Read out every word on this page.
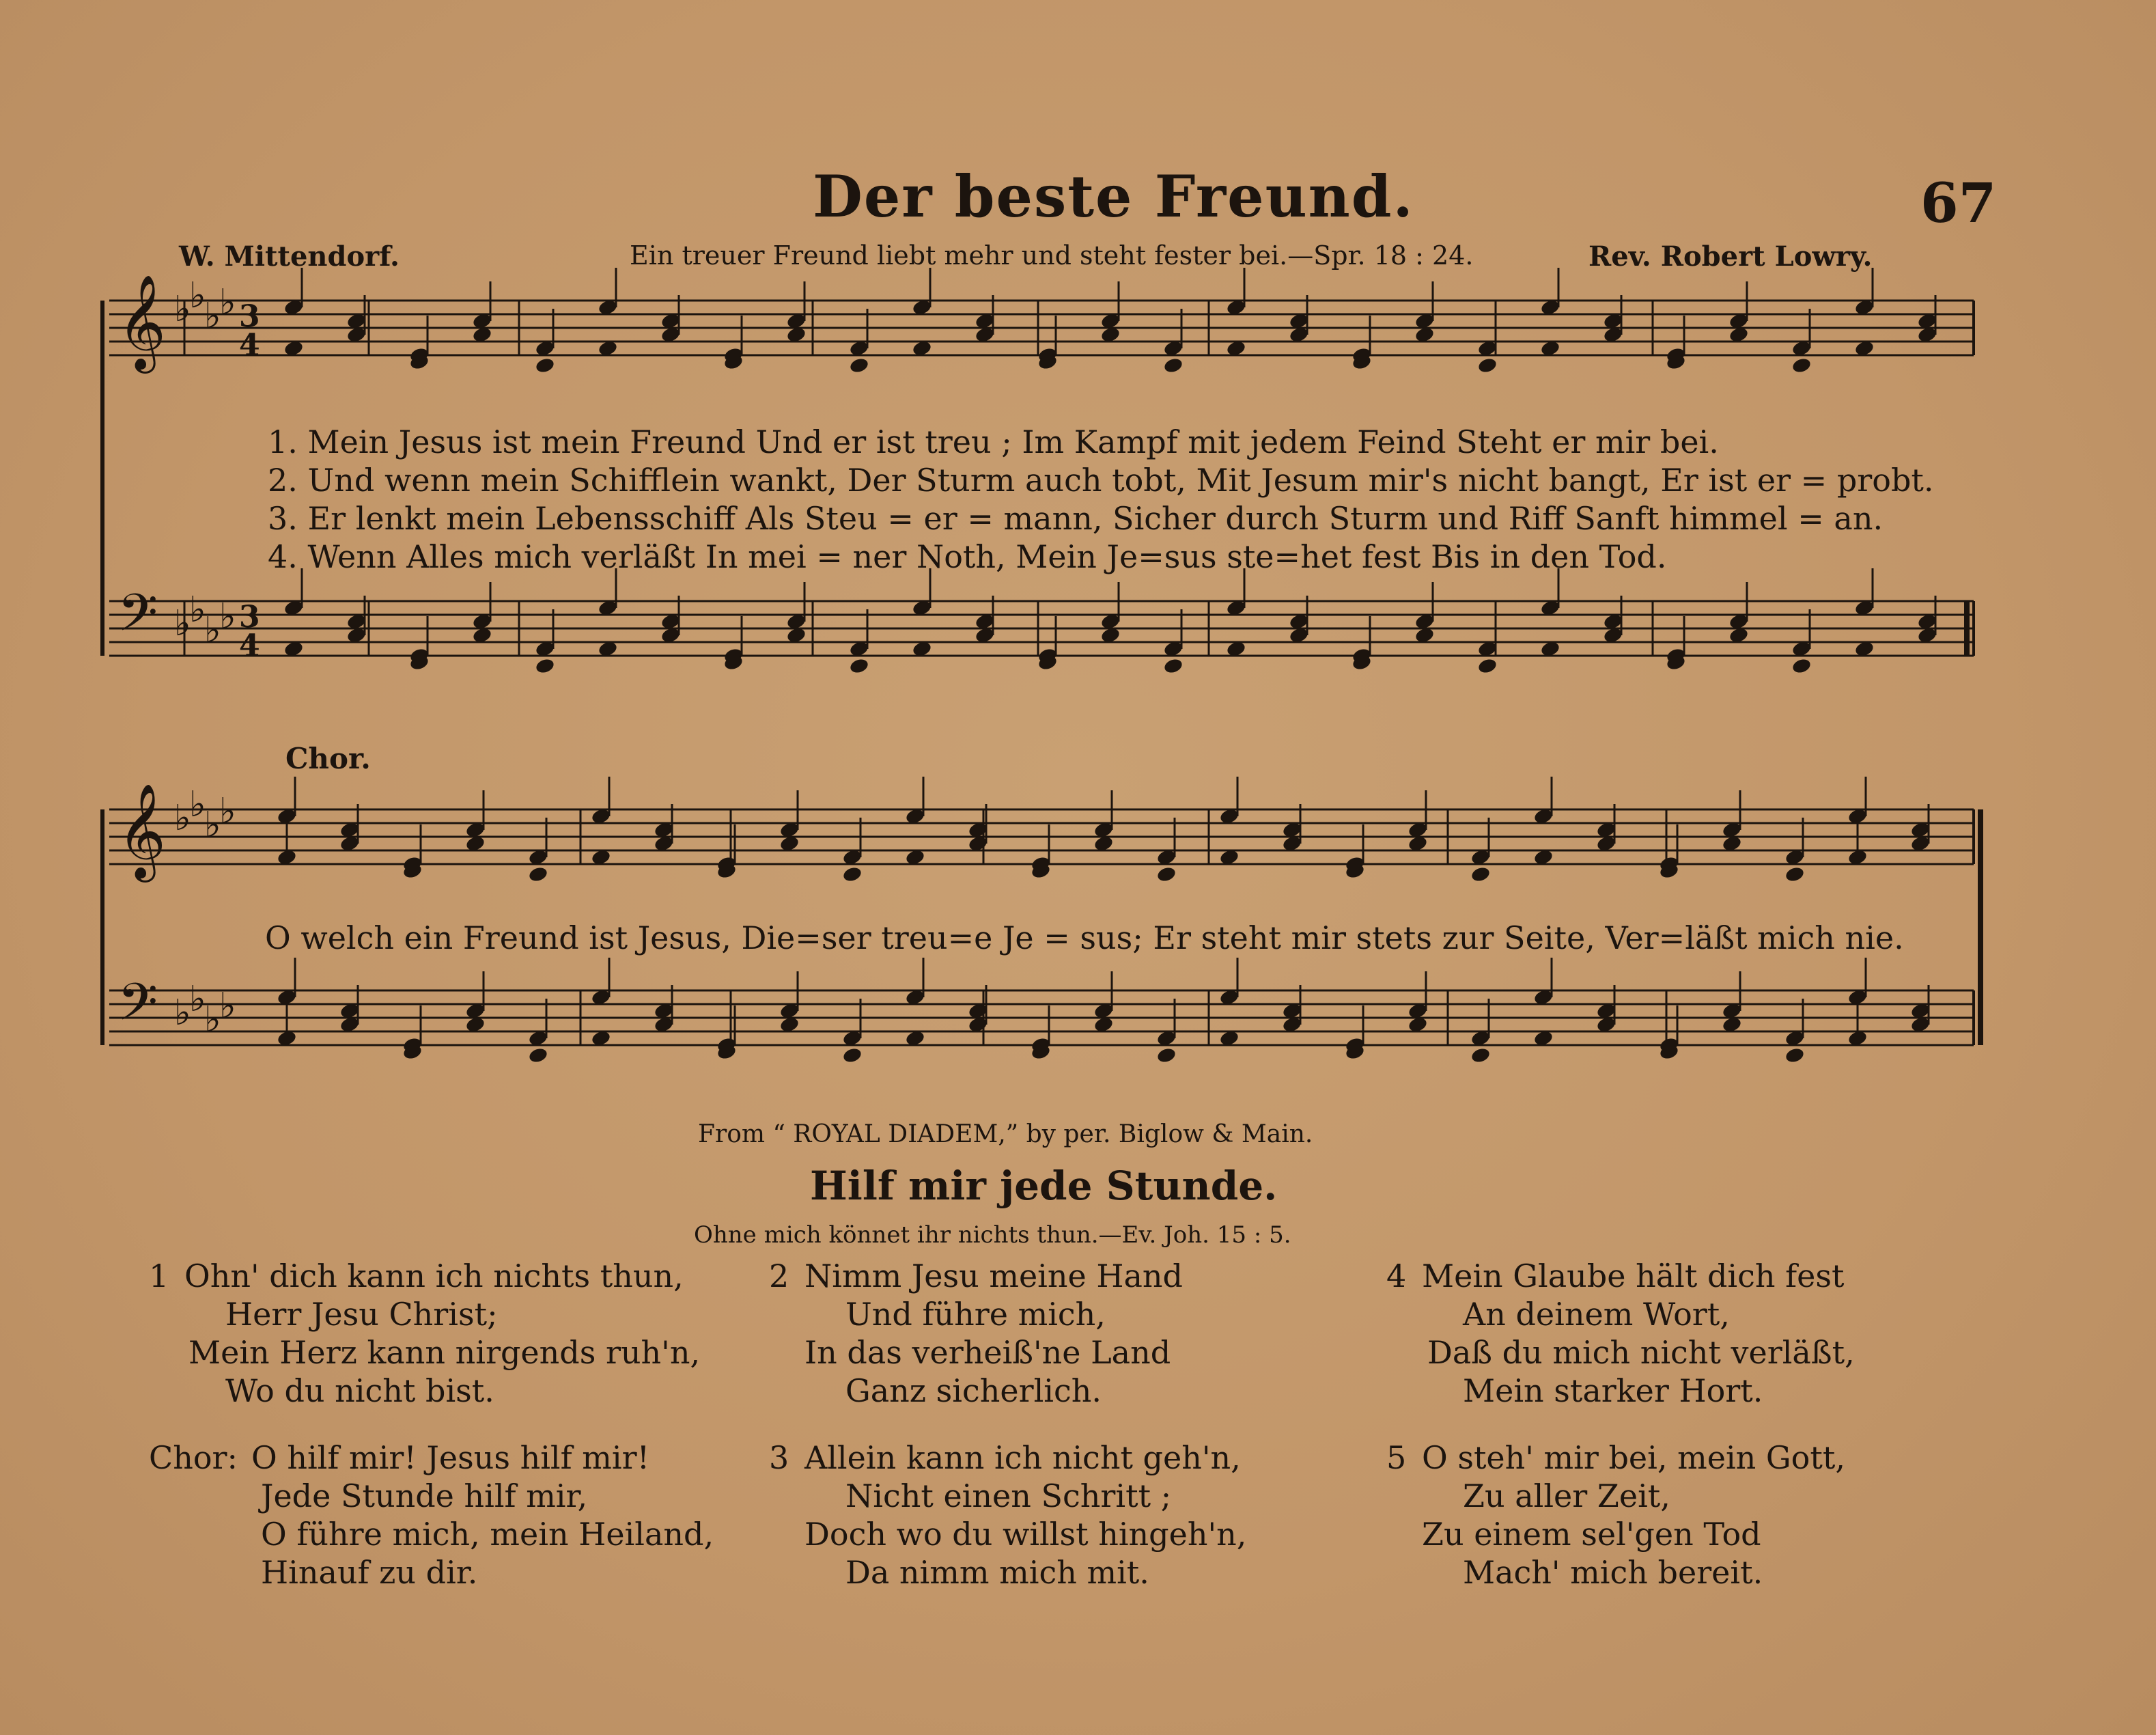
Der beste Freund.	67
W. Mittendorf.	Ein treuer Freund liebt mehr und steht fester bei.—Spr. 18 : 24.	Rev. Robert Lowry.
𝄞 ♭
♭
♭
♭ 3
4
𝄢 ♭
♭
♭
♭ 3
4
𝄞 ♭
♭
♭
♭
𝄢 ♭
♭
♭
♭
1. Mein Jesus ist mein Freund Und er ist treu ; Im Kampf mit jedem Feind Steht er mir bei.
2. Und wenn mein Schifflein wankt, Der Sturm auch tobt, Mit Jesum mir's nicht bangt, Er ist er = probt.
3. Er lenkt mein Lebensschiff Als Steu = er = mann, Sicher durch Sturm und Riff Sanft himmel = an.
4. Wenn Alles mich verläßt In mei = ner Noth, Mein Je=sus ste=het fest Bis in den Tod.
Chor.
O welch ein Freund ist Jesus, Die=ser treu=e Je = sus; Er steht mir stets zur Seite, Ver=läßt mich nie.
From “ ROYAL DIADEM,” by per. Biglow & Main.
Hilf mir jede Stunde.
Ohne mich könnet ihr nichts thun.—Ev. Joh. 15 : 5.
1 Ohn' dich kann ich nichts thun,
Herr Jesu Christ;
Mein Herz kann nirgends ruh'n,
Wo du nicht bist.
Chor: O hilf mir! Jesus hilf mir!
Jede Stunde hilf mir,
O führe mich, mein Heiland,
Hinauf zu dir.
2 Nimm Jesu meine Hand
Und führe mich,
In das verheiß'ne Land
Ganz sicherlich.
3 Allein kann ich nicht geh'n,
Nicht einen Schritt ;
Doch wo du willst hingeh'n,
Da nimm mich mit.
4 Mein Glaube hält dich fest
An deinem Wort,
Daß du mich nicht verläßt,
Mein starker Hort.
5 O steh' mir bei, mein Gott,
Zu aller Zeit,
Zu einem sel'gen Tod
Mach' mich bereit.
